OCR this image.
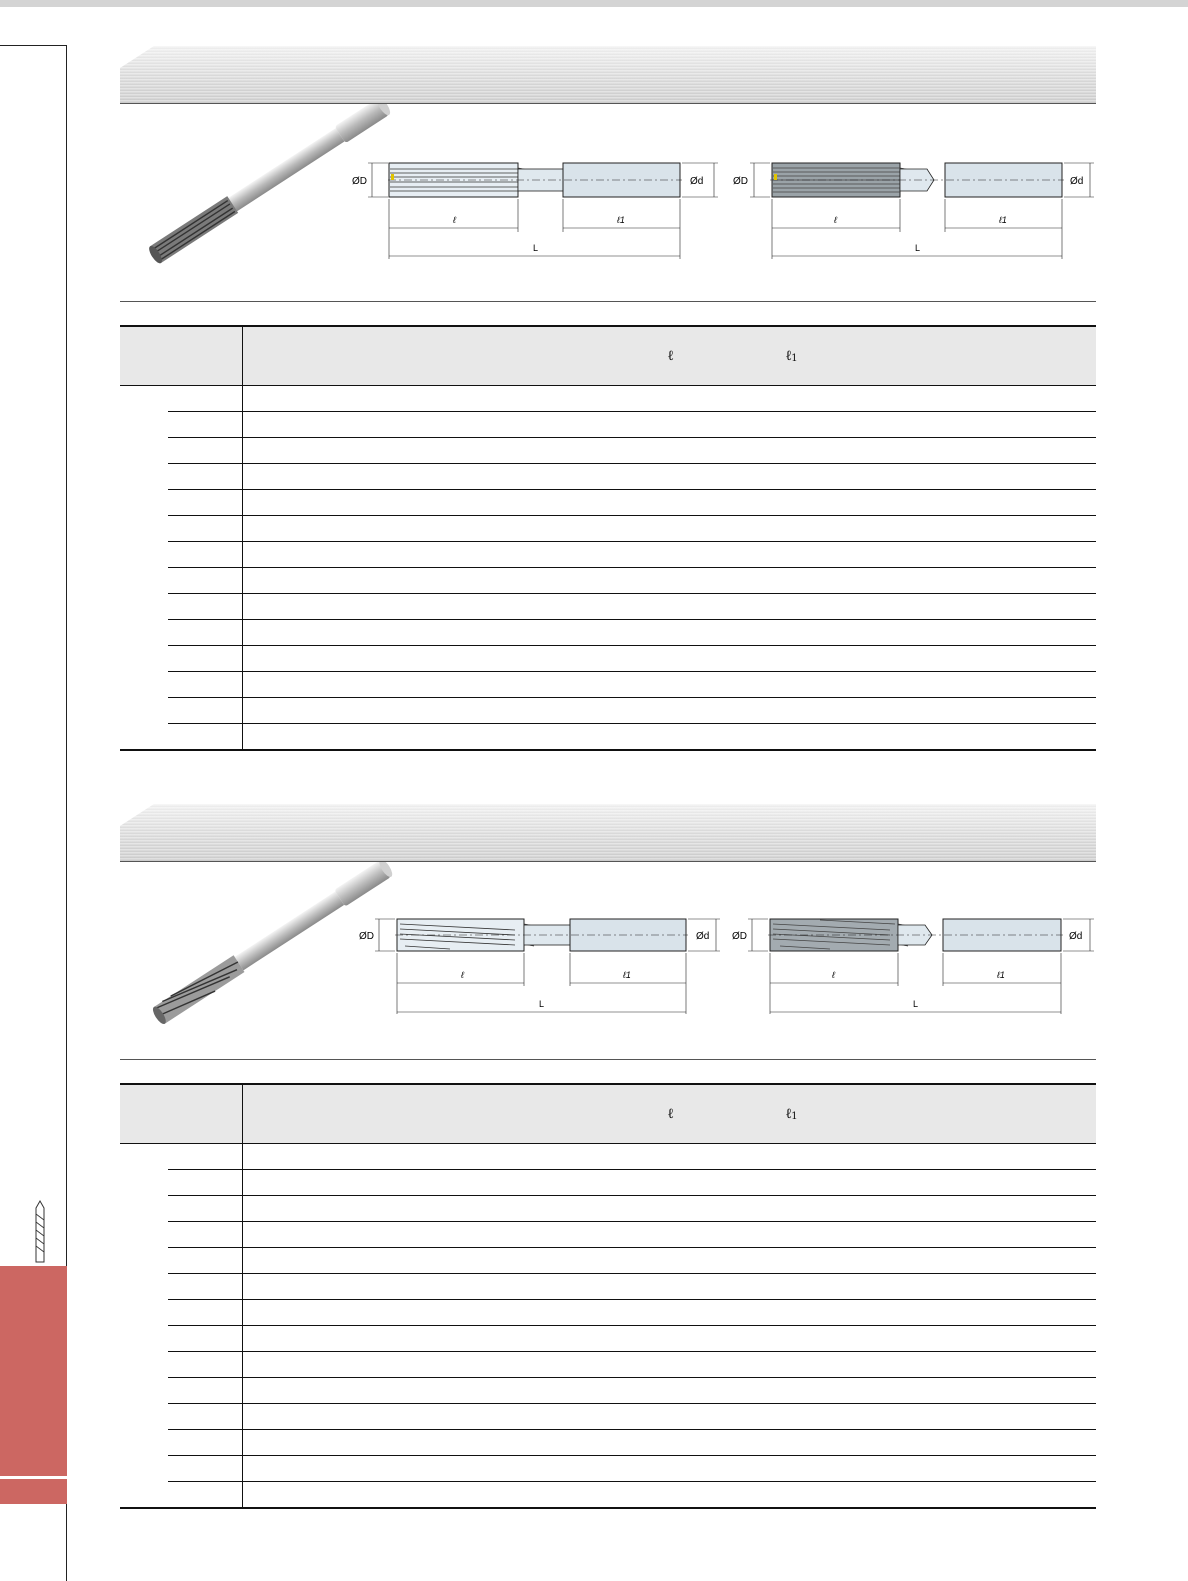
ØD	Ød
ℓ	ℓ1
L
ØD	Ød
ℓ	ℓ1
L

	ℓ ℓ$_1$

ØD	Ød
ℓ	ℓ1
L
ØD	Ød
ℓ	ℓ1
L

	ℓ ℓ$_1$
